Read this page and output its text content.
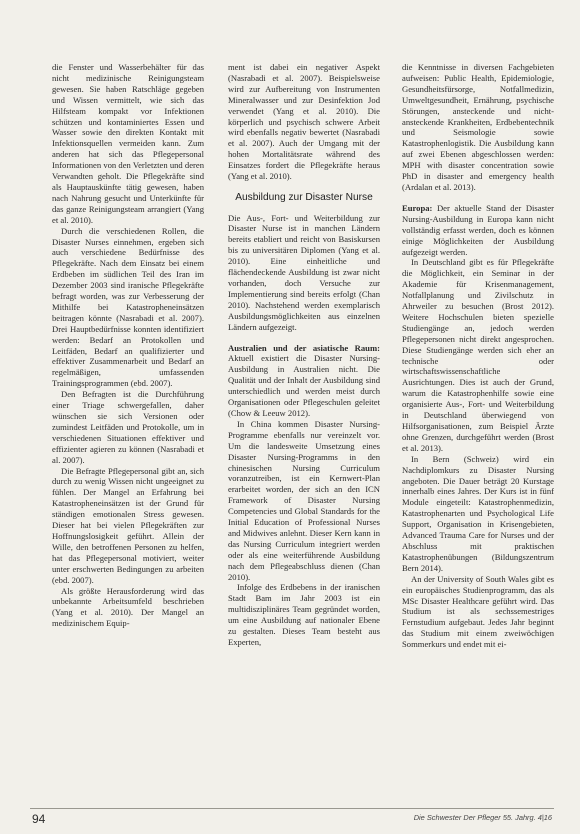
die Fenster und Wasserbehälter für das nicht medizinische Reinigungsteam gewesen. Sie haben Ratschläge gegeben und Wissen vermittelt, wie sich das Hilfsteam kompakt vor Infektionen schützen und kontaminiertes Essen und Wasser sowie den direkten Kontakt mit Infektionsquellen vermeiden kann. Zum anderen hat sich das Pflegepersonal Informationen von den Verletzten und deren Verwandten geholt. Die Pflegekräfte sind als Hauptauskünfte tätig gewesen, haben nach Nahrung gesucht und Unterkünfte für das ganze Reinigungsteam arrangiert (Yang et al. 2010).

Durch die verschiedenen Rollen, die Disaster Nurses einnehmen, ergeben sich auch verschiedene Bedürfnisse des Pflegekräfte. Nach dem Einsatz bei einem Erdbeben im südlichen Teil des Iran im Dezember 2003 sind iranische Pflegekräfte befragt worden, was zur Verbesserung der Mithilfe bei Katastropheneinsätzen beitragen könnte (Nasrabadi et al. 2007). Drei Hauptbedürfnisse konnten identifiziert werden: Bedarf an Protokollen und Leitfäden, Bedarf an qualifizierter und effektiver Zusammenarbeit und Bedarf an regelmäßigen, umfassenden Trainingsprogrammen (ebd. 2007).

Den Befragten ist die Durchführung einer Triage schwergefallen, daher wünschen sie sich Versionen oder zumindest Leitfäden und Protokolle, um in verschiedenen Situationen effektiver und effizienter agieren zu können (Nasrabadi et al. 2007).

Die Befragte Pflegepersonal gibt an, sich durch zu wenig Wissen nicht ungeeignet zu fühlen. Der Mangel an Erfahrung bei Katastropheneinsätzen ist der Grund für ständigen emotionalen Stress gewesen. Dieser hat bei vielen Pflegekräften zur Hoffnungslosigkeit geführt. Allein der Wille, den betroffenen Personen zu helfen, hat das Pflegepersonal motiviert, weiter unter erschwerten Bedingungen zu arbeiten (ebd. 2007).

Als größte Herausforderung wird das unbekannte Arbeitsumfeld beschrieben (Yang et al. 2010). Der Mangel an medizinischem Equip-

ment ist dabei ein negativer Aspekt (Nasrabadi et al. 2007). Beispielsweise wird zur Aufbereitung von Instrumenten Mineralwasser und zur Desinfektion Jod verwendet (Yang et al. 2010). Die körperlich und psychisch schwere Arbeit wird ebenfalls negativ bewertet (Nasrabadi et al. 2007). Auch der Umgang mit der hohen Mortalitätsrate während des Einsatzes fordert die Pflegekräfte heraus (Yang et al. 2010).

Ausbildung zur Disaster Nurse

Die Aus-, Fort- und Weiterbildung zur Disaster Nurse ist in manchen Ländern bereits etabliert und reicht von Basiskursen bis zu universitären Diplomen (Yang et al. 2010). Eine einheitliche und flächendeckende Ausbildung ist zwar nicht vorhanden, doch Versuche zur Implementierung sind bereits erfolgt (Chan 2010). Nachstehend werden exemplarisch Ausbildungsmöglichkeiten aus einzelnen Ländern aufgezeigt.

Australien und der asiatische Raum: Aktuell existiert die Disaster Nursing-Ausbildung in Australien nicht. Die Qualität und der Inhalt der Ausbildung sind unterschiedlich und werden meist durch Organisationen oder Pflegeschulen geleitet (Chow & Leeuw 2012).

In China kommen Disaster Nursing-Programme ebenfalls nur vereinzelt vor. Um die landesweite Umsetzung eines Disaster Nursing-Programms in den chinesischen Nursing Curriculum voranzutreiben, ist ein Kernwert-Plan erarbeitet worden, der sich an den ICN Framework of Disaster Nursing Competencies und Global Standards for the Initial Education of Professional Nurses and Midwives anlehnt. Dieser Kern kann in das Nursing Curriculum integriert werden oder als eine weiterführende Ausbildung nach dem Pflegeabschluss dienen (Chan 2010).

Infolge des Erdbebens in der iranischen Stadt Bam im Jahr 2003 ist ein multidisziplinäres Team gegründet worden, um eine Ausbildung auf nationaler Ebene zu gestalten. Dieses Team besteht aus Experten,

die Kenntnisse in diversen Fachgebieten aufweisen: Public Health, Epidemiologie, Gesundheitsfürsorge, Notfallmedizin, Umweltgesundheit, Ernährung, psychische Störungen, ansteckende und nicht-ansteckende Krankheiten, Erdbebentechnik und Seismologie sowie Katastrophenlogistik. Die Ausbildung kann auf zwei Ebenen abgeschlossen werden: MPH with disaster concentration sowie PhD in disaster and emergency health (Ardalan et al. 2013).

Europa: Der aktuelle Stand der Disaster Nursing-Ausbildung in Europa kann nicht vollständig erfasst werden, doch es können einige Möglichkeiten der Ausbildung aufgezeigt werden.

In Deutschland gibt es für Pflegekräfte die Möglichkeit, ein Seminar in der Akademie für Krisenmanagement, Notfallplanung und Zivilschutz in Ahrweiler zu besuchen (Brost 2012). Weitere Hochschulen bieten spezielle Studiengänge an, jedoch werden Pflegepersonen nicht direkt angesprochen. Diese Studiengänge werden sich eher an technische oder wirtschaftswissenschaftliche Ausrichtungen. Dies ist auch der Grund, warum die Katastrophenhilfe sowie eine organisierte Aus-, Fort- und Weiterbildung in Deutschland überwiegend von Hilfsorganisationen, zum Beispiel Ärzte ohne Grenzen, durchgeführt werden (Brost et al. 2013).

In Bern (Schweiz) wird ein Nachdiplomkurs zu Disaster Nursing angeboten. Die Dauer beträgt 20 Kurstage innerhalb eines Jahres. Der Kurs ist in fünf Module eingeteilt: Katastrophenmedizin, Katastrophenarten und Psychological Life Support, Organisation in Krisengebieten, Advanced Trauma Care for Nurses und der Abschluss mit praktischen Katastrophenübungen (Bildungszentrum Bern 2014).

An der University of South Wales gibt es ein europäisches Studienprogramm, das als MSc Disaster Healthcare geführt wird. Das Studium ist als sechssemestriges Fernstudium aufgebaut. Jedes Jahr beginnt das Studium mit einem zweiwöchigen Sommerkurs und endet mit ei-

94	Die Schwester Der Pfleger 55. Jahrg. 4|16
